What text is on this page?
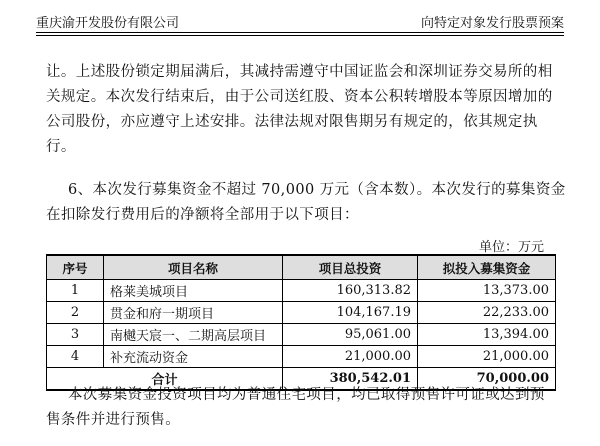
重庆渝开发股份有限公司	向特定对象发行股票预案
让。上述股份锁定期届满后，其减持需遵守中国证监会和深圳证券交易所的相
关规定。本次发行结束后，由于公司送红股、资本公积转增股本等原因增加的
公司股份，亦应遵守上述安排。法律法规对限售期另有规定的，依其规定执
行。
6、本次发行募集资金不超过 70,000 万元（含本数）。本次发行的募集资金
在扣除发行费用后的净额将全部用于以下项目：
单位：万元
序号	项目名称	项目总投资	拟投入募集资金
1	格莱美城项目	160,313.82	13,373.00
2	贯金和府一期项目	104,167.19	22,233.00
3	南樾天宸一、二期高层项目	95,061.00	13,394.00
4	补充流动资金	21,000.00	21,000.00
合计		380,542.01	70,000.00
本次募集资金投资项目均为普通住宅项目，均已取得预售许可证或达到预
售条件并进行预售。
